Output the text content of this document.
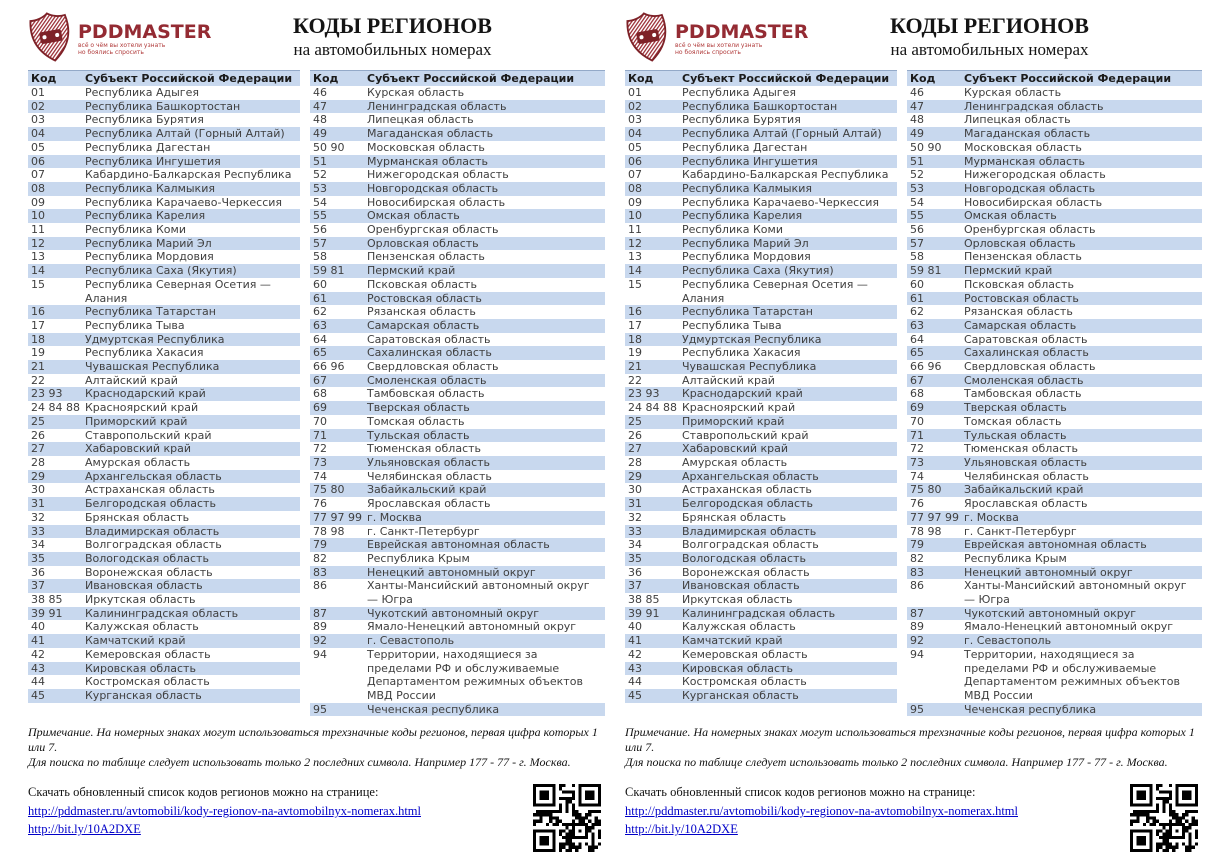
PDDMASTER
всё о чём вы хотели узнать
но боялись спросить
КОДЫ РЕГИОНОВ
на автомобильных номерах
Код	Субъект Российской Федерации
01	Республика Адыгея
02	Республика Башкортостан
03	Республика Бурятия
04	Республика Алтай (Горный Алтай)
05	Республика Дагестан
06	Республика Ингушетия
07	Кабардино-Балкарская Республика
08	Республика Калмыкия
09	Республика Карачаево-Черкессия
10	Республика Карелия
11	Республика Коми
12	Республика Марий Эл
13	Республика Мордовия
14	Республика Саха (Якутия)
15	Республика Северная Осетия — Алания
16	Республика Татарстан
17	Республика Тыва
18	Удмуртская Республика
19	Республика Хакасия
21	Чувашская Республика
22	Алтайский край
23 93	Краснодарский край
24 84 88 Красноярский край
25	Приморский край
26	Ставропольский край
27	Хабаровский край
28	Амурская область
29	Архангельская область
30	Астраханская область
31	Белгородская область
32	Брянская область
33	Владимирская область
34	Волгоградская область
35	Вологодская область
36	Воронежская область
37	Ивановская область
38 85	Иркутская область
39 91	Калининградская область
40	Калужская область
41	Камчатский край
42	Кемеровская область
43	Кировская область
44	Костромская область
45	Курганская область
Код	Субъект Российской Федерации
46	Курская область
47	Ленинградская область
48	Липецкая область
49	Магаданская область
50 90	Московская область
51	Мурманская область
52	Нижегородская область
53	Новгородская область
54	Новосибирская область
55	Омская область
56	Оренбургская область
57	Орловская область
58	Пензенская область
59 81	Пермский край
60	Псковская область
61	Ростовская область
62	Рязанская область
63	Самарская область
64	Саратовская область
65	Сахалинская область
66 96	Свердловская область
67	Смоленская область
68	Тамбовская область
69	Тверская область
70	Томская область
71	Тульская область
72	Тюменская область
73	Ульяновская область
74	Челябинская область
75 80	Забайкальский край
76	Ярославская область
77 97 99 г. Москва
78 98	г. Санкт-Петербург
79	Еврейская автономная область
82	Республика Крым
83	Ненецкий автономный округ
86	Ханты-Мансийский автономный округ — Югра
87	Чукотский автономный округ
89	Ямало-Ненецкий автономный округ
92	г. Севастополь
94	Территории, находящиеся за пределами РФ и обслуживаемые Департаментом режимных объектов МВД России
95	Чеченская республика
Примечание. На номерных знаках могут использоваться трехзначные коды регионов, первая цифра которых 1 или 7.
Для поиска по таблице следует использовать только 2 последних символа. Например 177 - 77 - г. Москва.
Скачать обновленный список кодов регионов можно на странице:
http://pddmaster.ru/avtomobili/kody-regionov-na-avtomobilnyx-nomerax.html
http://bit.ly/10A2DXE
PDDMASTER
всё о чём вы хотели узнать
но боялись спросить
КОДЫ РЕГИОНОВ
на автомобильных номерах
Код	Субъект Российской Федерации
01	Республика Адыгея
02	Республика Башкортостан
03	Республика Бурятия
04	Республика Алтай (Горный Алтай)
05	Республика Дагестан
06	Республика Ингушетия
07	Кабардино-Балкарская Республика
08	Республика Калмыкия
09	Республика Карачаево-Черкессия
10	Республика Карелия
11	Республика Коми
12	Республика Марий Эл
13	Республика Мордовия
14	Республика Саха (Якутия)
15	Республика Северная Осетия — Алания
16	Республика Татарстан
17	Республика Тыва
18	Удмуртская Республика
19	Республика Хакасия
21	Чувашская Республика
22	Алтайский край
23 93	Краснодарский край
24 84 88 Красноярский край
25	Приморский край
26	Ставропольский край
27	Хабаровский край
28	Амурская область
29	Архангельская область
30	Астраханская область
31	Белгородская область
32	Брянская область
33	Владимирская область
34	Волгоградская область
35	Вологодская область
36	Воронежская область
37	Ивановская область
38 85	Иркутская область
39 91	Калининградская область
40	Калужская область
41	Камчатский край
42	Кемеровская область
43	Кировская область
44	Костромская область
45	Курганская область
Код	Субъект Российской Федерации
46	Курская область
47	Ленинградская область
48	Липецкая область
49	Магаданская область
50 90	Московская область
51	Мурманская область
52	Нижегородская область
53	Новгородская область
54	Новосибирская область
55	Омская область
56	Оренбургская область
57	Орловская область
58	Пензенская область
59 81	Пермский край
60	Псковская область
61	Ростовская область
62	Рязанская область
63	Самарская область
64	Саратовская область
65	Сахалинская область
66 96	Свердловская область
67	Смоленская область
68	Тамбовская область
69	Тверская область
70	Томская область
71	Тульская область
72	Тюменская область
73	Ульяновская область
74	Челябинская область
75 80	Забайкальский край
76	Ярославская область
77 97 99 г. Москва
78 98	г. Санкт-Петербург
79	Еврейская автономная область
82	Республика Крым
83	Ненецкий автономный округ
86	Ханты-Мансийский автономный округ — Югра
87	Чукотский автономный округ
89	Ямало-Ненецкий автономный округ
92	г. Севастополь
94	Территории, находящиеся за пределами РФ и обслуживаемые Департаментом режимных объектов МВД России
95	Чеченская республика
Примечание. На номерных знаках могут использоваться трехзначные коды регионов, первая цифра которых 1 или 7.
Для поиска по таблице следует использовать только 2 последних символа. Например 177 - 77 - г. Москва.
Скачать обновленный список кодов регионов можно на странице:
http://pddmaster.ru/avtomobili/kody-regionov-na-avtomobilnyx-nomerax.html
http://bit.ly/10A2DXE
